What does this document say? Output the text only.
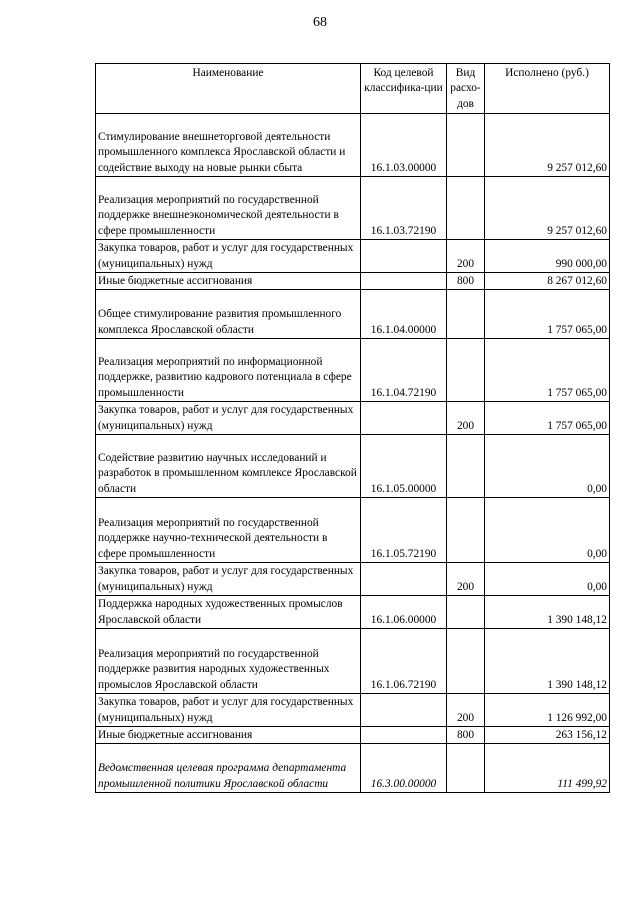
68
Наименование	Код целевой классифика-ции	Вид расхо-дов	Исполнено (руб.)
Стимулирование внешнеторговой деятельности промышленного комплекса Ярославской области и содействие выходу на новые рынки сбыта	16.1.03.00000		9 257 012,60
Реализация мероприятий по государственной поддержке внешнеэкономической деятельности в сфере промышленности	16.1.03.72190		9 257 012,60
Закупка товаров, работ и услуг для государственных (муниципальных) нужд		200	990 000,00
Иные бюджетные ассигнования		800	8 267 012,60
Общее стимулирование развития промышленного комплекса Ярославской области	16.1.04.00000		1 757 065,00
Реализация мероприятий по информационной поддержке, развитию кадрового потенциала в сфере промышленности	16.1.04.72190		1 757 065,00
Закупка товаров, работ и услуг для государственных (муниципальных) нужд		200	1 757 065,00
Содействие развитию научных исследований и разработок в промышленном комплексе Ярославской области	16.1.05.00000		0,00
Реализация мероприятий по государственной поддержке научно-технической деятельности в сфере промышленности	16.1.05.72190		0,00
Закупка товаров, работ и услуг для государственных (муниципальных) нужд		200	0,00
Поддержка народных художественных промыслов Ярославской области	16.1.06.00000		1 390 148,12
Реализация мероприятий по государственной поддержке развития народных художественных промыслов Ярославской области	16.1.06.72190		1 390 148,12
Закупка товаров, работ и услуг для государственных (муниципальных) нужд		200	1 126 992,00
Иные бюджетные ассигнования		800	263 156,12
Ведомственная целевая программа департамента промышленной политики Ярославской области	16.3.00.00000		111 499,92
